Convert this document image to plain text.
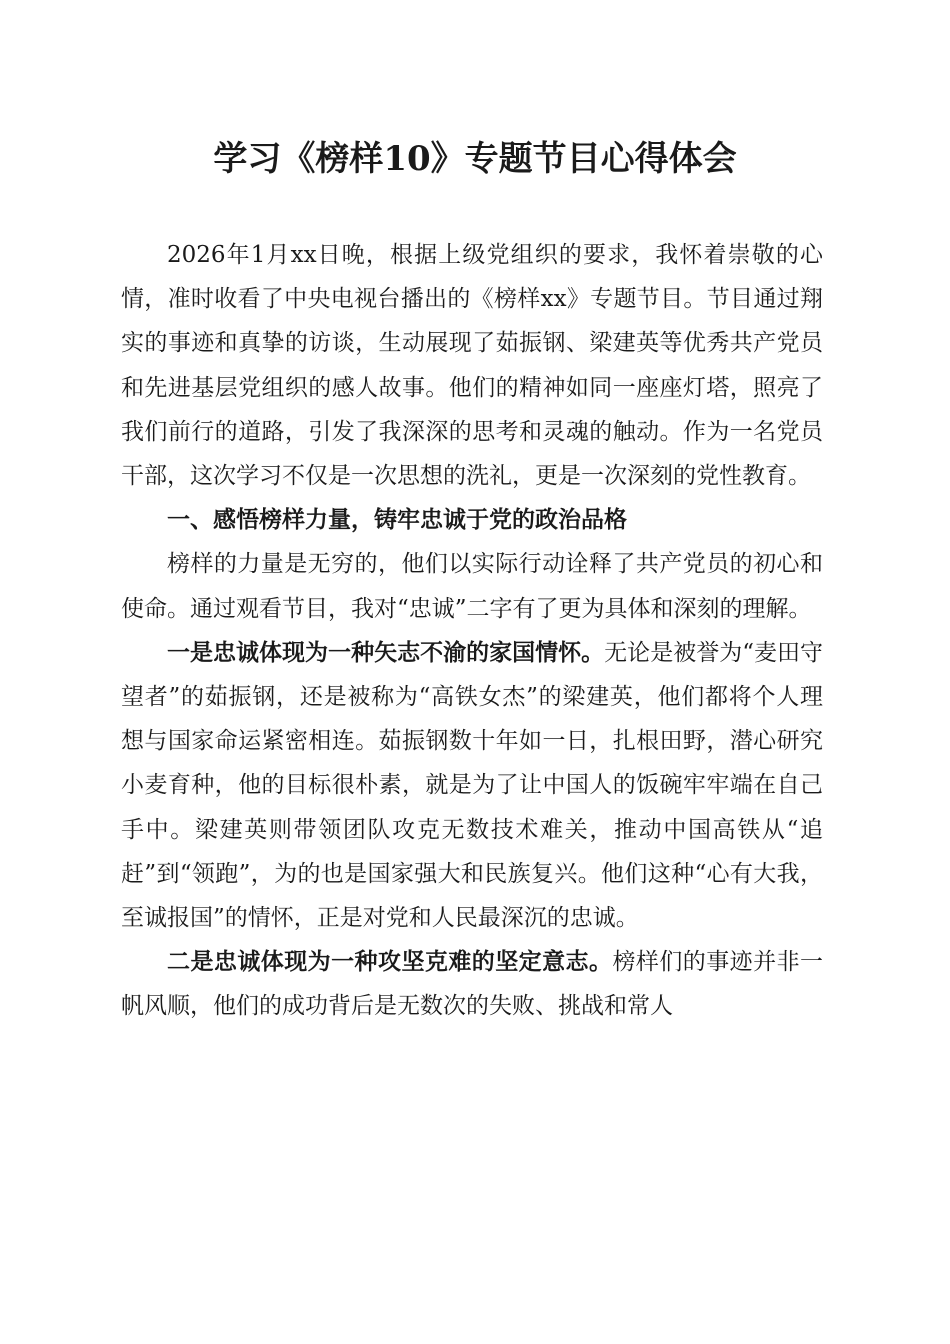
学习《榜样10》专题节目心得体会

2026年1月xx日晚，根据上级党组织的要求，我怀着崇敬的心情，准时收看了中央电视台播出的《榜样xx》专题节目。节目通过翔实的事迹和真挚的访谈，生动展现了茹振钢、梁建英等优秀共产党员和先进基层党组织的感人故事。他们的精神如同一座座灯塔，照亮了我们前行的道路，引发了我深深的思考和灵魂的触动。作为一名党员干部，这次学习不仅是一次思想的洗礼，更是一次深刻的党性教育。

一、感悟榜样力量，铸牢忠诚于党的政治品格

榜样的力量是无穷的，他们以实际行动诠释了共产党员的初心和使命。通过观看节目，我对“忠诚”二字有了更为具体和深刻的理解。

一是忠诚体现为一种矢志不渝的家国情怀。无论是被誉为“麦田守望者”的茹振钢，还是被称为“高铁女杰”的梁建英，他们都将个人理想与国家命运紧密相连。茹振钢数十年如一日，扎根田野，潜心研究小麦育种，他的目标很朴素，就是为了让中国人的饭碗牢牢端在自己手中。梁建英则带领团队攻克无数技术难关，推动中国高铁从“追赶”到“领跑”，为的也是国家强大和民族复兴。他们这种“心有大我，至诚报国”的情怀，正是对党和人民最深沉的忠诚。

二是忠诚体现为一种攻坚克难的坚定意志。榜样们的事迹并非一帆风顺，他们的成功背后是无数次的失败、挑战和常人
